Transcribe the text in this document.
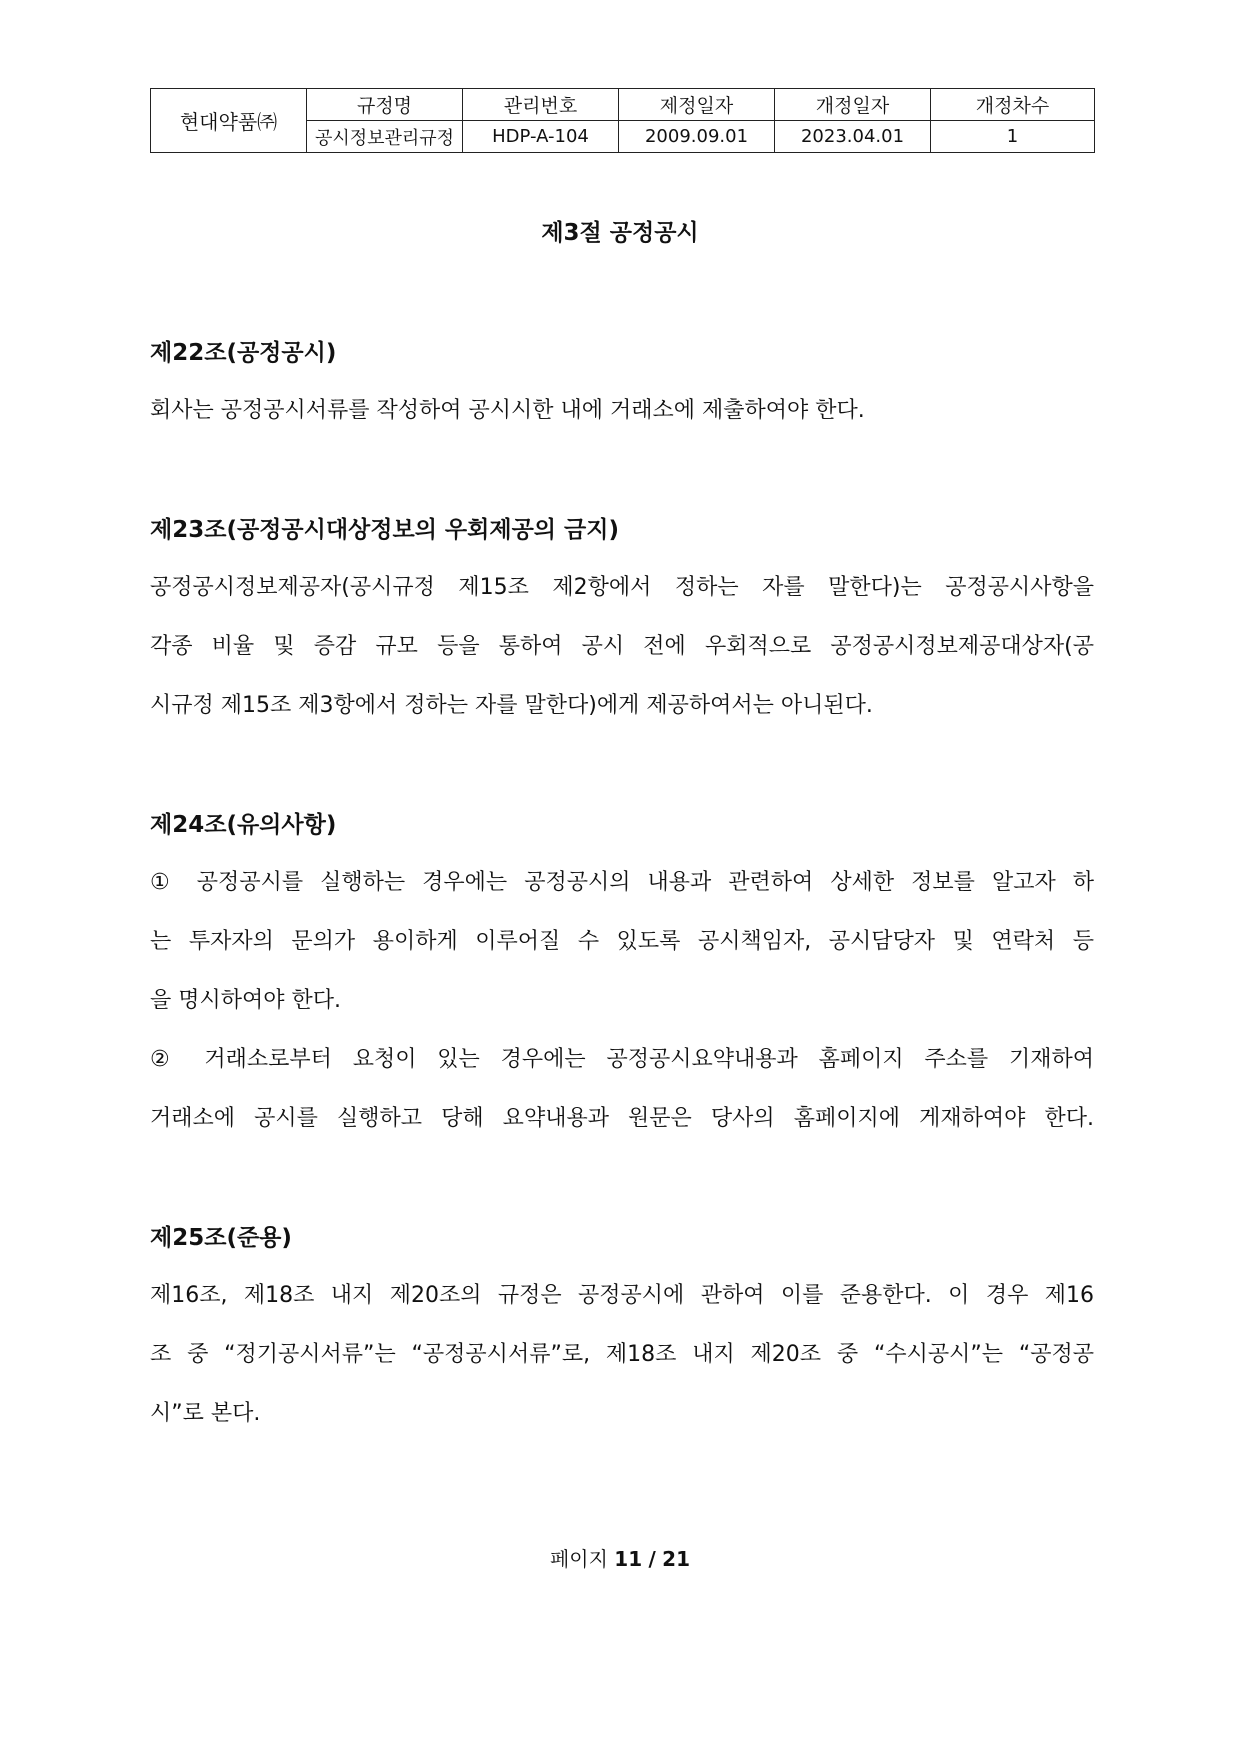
현대약품㈜	규정명	관리번호	제정일자	개정일자	개정차수
	공시정보관리규정	HDP-A-104	2009.09.01	2023.04.01	1
제3절 공정공시
제22조(공정공시)
회사는 공정공시서류를 작성하여 공시시한 내에 거래소에 제출하여야 한다.
제23조(공정공시대상정보의 우회제공의 금지)
공정공시정보제공자(공시규정 제15조 제2항에서 정하는 자를 말한다)는 공정공시사항을
각종 비율 및 증감 규모 등을 통하여 공시 전에 우회적으로 공정공시정보제공대상자(공
시규정 제15조 제3항에서 정하는 자를 말한다)에게 제공하여서는 아니된다.
제24조(유의사항)
① 공정공시를 실행하는 경우에는 공정공시의 내용과 관련하여 상세한 정보를 알고자 하
는 투자자의 문의가 용이하게 이루어질 수 있도록 공시책임자, 공시담당자 및 연락처 등
을 명시하여야 한다.
② 거래소로부터 요청이 있는 경우에는 공정공시요약내용과 홈페이지 주소를 기재하여
거래소에 공시를 실행하고 당해 요약내용과 원문은 당사의 홈페이지에 게재하여야 한다.
제25조(준용)
제16조, 제18조 내지 제20조의 규정은 공정공시에 관하여 이를 준용한다. 이 경우 제16
조 중 “정기공시서류”는 “공정공시서류”로, 제18조 내지 제20조 중 “수시공시”는 “공정공
시”로 본다.
페이지 11 / 21
